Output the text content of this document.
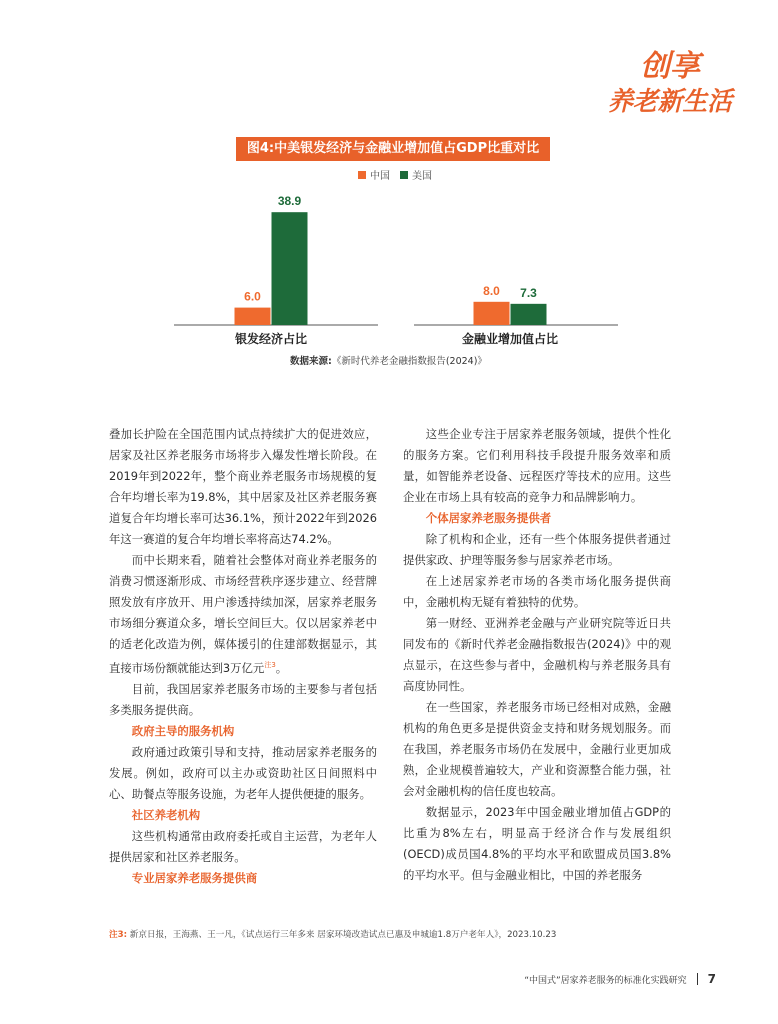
创享
养老新生活
图4:中美银发经济与金融业增加值占GDP比重对比
中国	美国
6.0
38.9
银发经济占比
8.0 7.3
金融业增加值占比
数据来源:《新时代养老金融指数报告(2024)》

叠加长护险在全国范围内试点持续扩大的促进效应，居家及社区养老服务市场将步入爆发性增长阶段。在2019年到2022年，整个商业养老服务市场规模的复合年均增长率为19.8%，其中居家及社区养老服务赛道复合年均增长率可达36.1%，预计2022年到2026年这一赛道的复合年均增长率将高达74.2%。

而中长期来看，随着社会整体对商业养老服务的消费习惯逐渐形成、市场经营秩序逐步建立、经营牌照发放有序放开、用户渗透持续加深，居家养老服务市场细分赛道众多，增长空间巨大。仅以居家养老中的适老化改造为例，媒体援引的住建部数据显示，其直接市场份额就能达到3万亿元$^{注3}$。

目前，我国居家养老服务市场的主要参与者包括多类服务提供商。

政府主导的服务机构

政府通过政策引导和支持，推动居家养老服务的发展。例如，政府可以主办或资助社区日间照料中心、助餐点等服务设施，为老年人提供便捷的服务。

社区养老机构

这些机构通常由政府委托或自主运营，为老年人提供居家和社区养老服务。

专业居家养老服务提供商

这些企业专注于居家养老服务领域，提供个性化的服务方案。它们利用科技手段提升服务效率和质量，如智能养老设备、远程医疗等技术的应用。这些企业在市场上具有较高的竞争力和品牌影响力。

个体居家养老服务提供者

除了机构和企业，还有一些个体服务提供者通过提供家政、护理等服务参与居家养老市场。

在上述居家养老市场的各类市场化服务提供商中，金融机构无疑有着独特的优势。

第一财经、亚洲养老金融与产业研究院等近日共同发布的《新时代养老金融指数报告(2024)》中的观点显示，在这些参与者中，金融机构与养老服务具有高度协同性。

在一些国家，养老服务市场已经相对成熟，金融机构的角色更多是提供资金支持和财务规划服务。而在我国，养老服务市场仍在发展中，金融行业更加成熟，企业规模普遍较大，产业和资源整合能力强，社会对金融机构的信任度也较高。

数据显示，2023年中国金融业增加值占GDP的比重为8%左右，明显高于经济合作与发展组织(OECD)成员国4.8%的平均水平和欧盟成员国3.8%的平均水平。但与金融业相比，中国的养老服务

注3: 新京日报，王海燕、王一凡，《试点运行三年多来 居家环境改造试点已惠及申城逾1.8万户老年人》，2023.10.23
“中国式”居家养老服务的标准化实践研究 7
